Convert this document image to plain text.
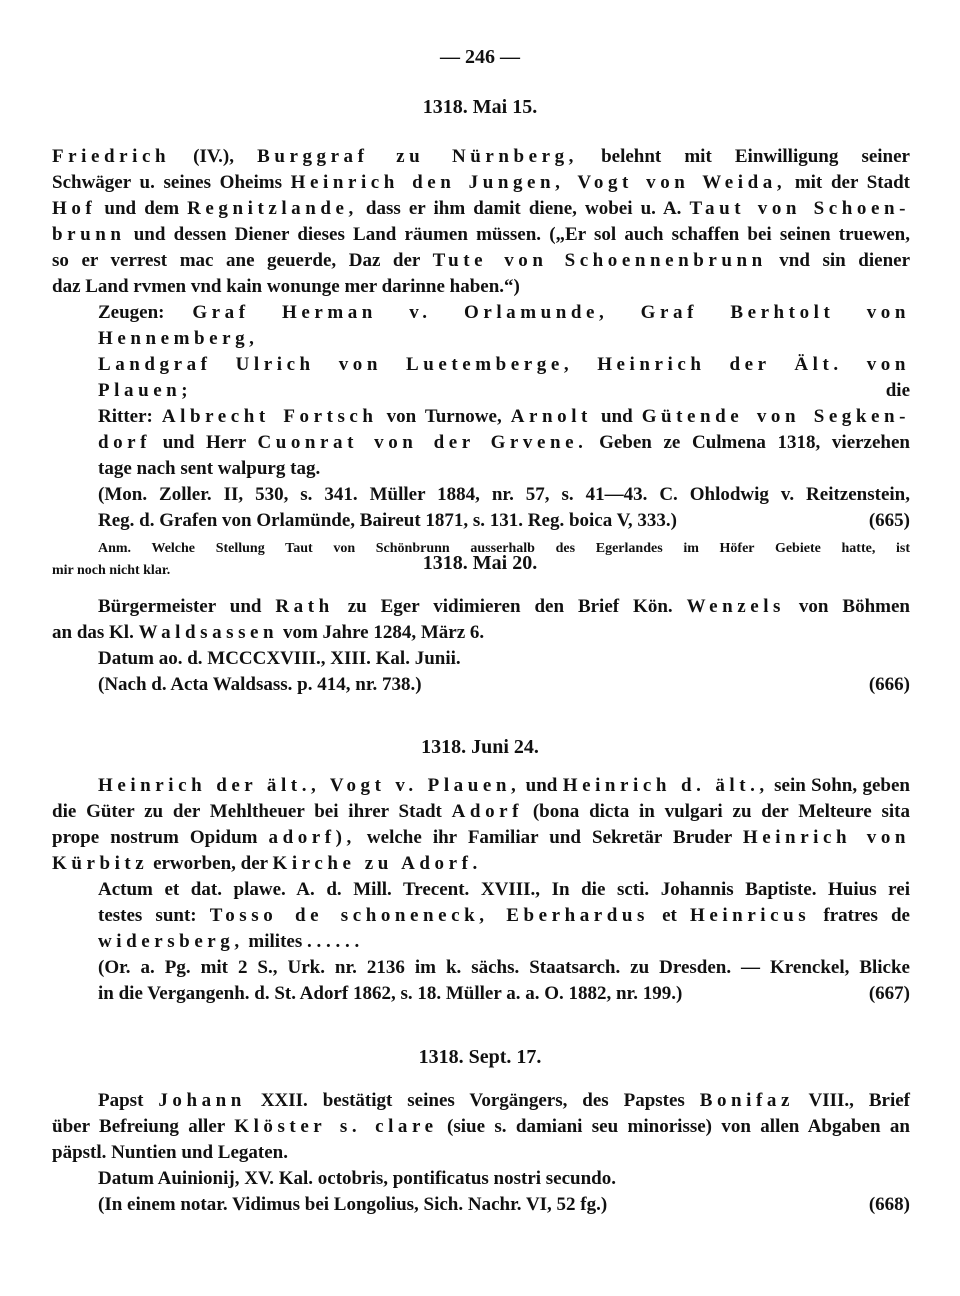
— 246 —
1318. Mai 15.
Friedrich (IV.), Burggraf zu Nürnberg, belehnt mit Einwilligung seiner
Schwäger u. seines Oheims Heinrich den Jungen, Vogt von Weida, mit der Stadt
Hof und dem Regnitzlande, dass er ihm damit diene, wobei u. A. Taut von Schoen-
brunn und dessen Diener dieses Land räumen müssen. („Er sol auch schaffen bei seinen truewen,
so er verrest mac ane geuerde, Daz der Tute von Schoennenbrunn vnd sin diener
daz Land rvmen vnd kain wonunge mer darinne haben.“)
Zeugen: Graf Herman v. Orlamunde, Graf Berhtolt von Hennemberg,
Landgraf Ulrich von Luetemberge, Heinrich der Ält. von Plauen; die
Ritter: Albrecht Fortsch von Turnowe, Arnolt und Gütende von Segken-
dorf und Herr Cuonrat von der Grvene. Geben ze Culmena 1318, vierzehen
tage nach sent walpurg tag.
(Mon. Zoller. II, 530, s. 341. Müller 1884, nr. 57, s. 41—43. C. Ohlodwig v. Reitzenstein,
Reg. d. Grafen von Orlamünde, Baireut 1871, s. 131. Reg. boica V, 333.)	(665)
Anm. Welche Stellung Taut von Schönbrunn ausserhalb des Egerlandes im Höfer Gebiete hatte, ist
mir noch nicht klar.	1318. Mai 20.
Bürgermeister und Rath zu Eger vidimieren den Brief Kön. Wenzels von Böhmen
an das Kl. Waldsassen vom Jahre 1284, März 6.
Datum ao. d. MCCCXVIII., XIII. Kal. Junii.
(Nach d. Acta Waldsass. p. 414, nr. 738.)	(666)
1318. Juni 24.
Heinrich der ält., Vogt v. Plauen, und Heinrich d. ält., sein Sohn, geben
die Güter zu der Mehltheuer bei ihrer Stadt Adorf (bona dicta in vulgari zu der Melteure sita
prope nostrum Opidum adorf), welche ihr Familiar und Sekretär Bruder Heinrich von
Kürbitz erworben, der Kirche zu Adorf.
Actum et dat. plawe. A. d. Mill. Trecent. XVIII., In die scti. Johannis Baptiste. Huius rei
testes sunt: Tosso de schoneneck, Eberhardus et Heinricus fratres de
widersberg, milites . . . . . .
(Or. a. Pg. mit 2 S., Urk. nr. 2136 im k. sächs. Staatsarch. zu Dresden. — Krenckel, Blicke
in die Vergangenh. d. St. Adorf 1862, s. 18. Müller a. a. O. 1882, nr. 199.)	(667)
1318. Sept. 17.
Papst Johann XXII. bestätigt seines Vorgängers, des Papstes Bonifaz VIII., Brief
über Befreiung aller Klöster s. clare (siue s. damiani seu minorisse) von allen Abgaben an
päpstl. Nuntien und Legaten.
Datum Auinionij, XV. Kal. octobris, pontificatus nostri secundo.
(In einem notar. Vidimus bei Longolius, Sich. Nachr. VI, 52 fg.)	(668)
